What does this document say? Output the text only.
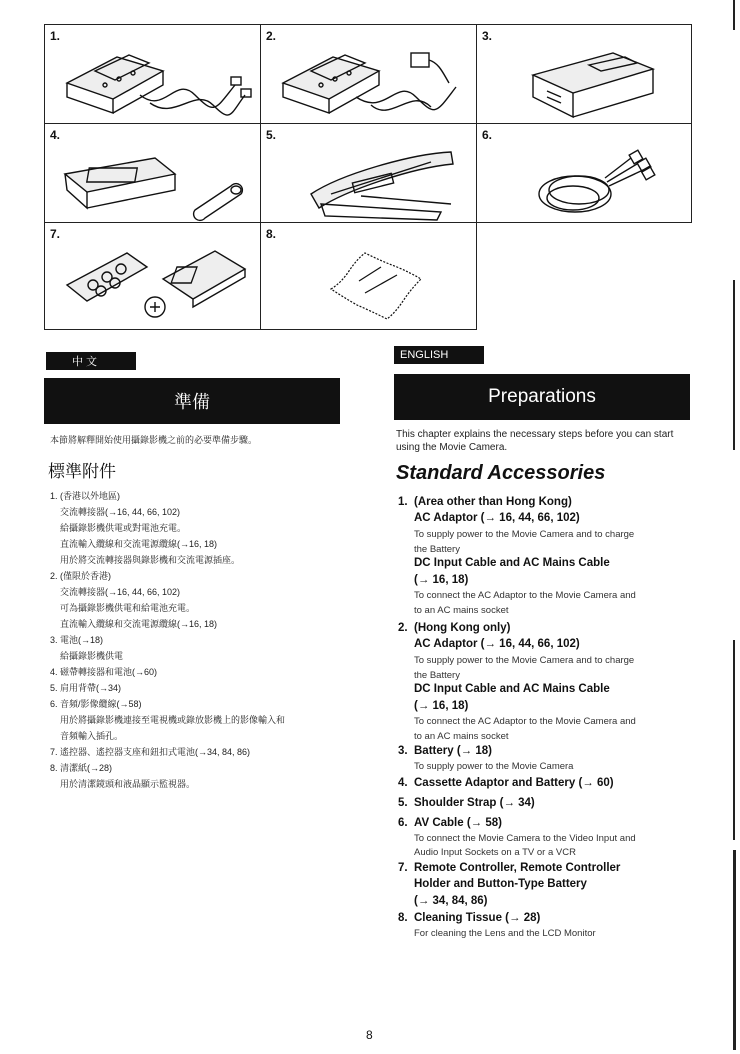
1.	2.	3.
4.	5.	6.
7.	8.
中 文
準備
本節將解釋開始使用攝錄影機之前的必要準備步驟。
標準附件
1. (香港以外地區)
交流轉接器(→16, 44, 66, 102)
給攝錄影機供電或對電池充電。
直流輸入纜線和交流電源纜線(→16, 18)
用於將交流轉接器與錄影機和交流電源插座。
2. (僅限於香港)
交流轉接器(→16, 44, 66, 102)
可為攝錄影機供電和給電池充電。
直流輸入纜線和交流電源纜線(→16, 18)
3. 電池(→18)
給攝錄影機供電
4. 磁帶轉接器和電池(→60)
5. 肩用背帶(→34)
6. 音頻/影像纜線(→58)
用於將攝錄影機連接至電視機或錄放影機上的影像輸入和
音頻輸入插孔。
7. 遙控器、遙控器支座和鈕扣式電池(→34, 84, 86)
8. 清潔紙(→28)
用於清潔鏡頭和液晶顯示監視器。
ENGLISH
Preparations
This chapter explains the necessary steps before you can start using the Movie Camera.
Standard Accessories
1. (Area other than Hong Kong)
AC Adaptor (→ 16, 44, 66, 102)
To supply power to the Movie Camera and to charge
the Battery
DC Input Cable and AC Mains Cable
(→ 16, 18)
To connect the AC Adaptor to the Movie Camera and
to an AC mains socket
2. (Hong Kong only)
AC Adaptor (→ 16, 44, 66, 102)
To supply power to the Movie Camera and to charge
the Battery
DC Input Cable and AC Mains Cable
(→ 16, 18)
To connect the AC Adaptor to the Movie Camera and
to an AC mains socket
3. Battery (→ 18)
To supply power to the Movie Camera
4. Cassette Adaptor and Battery (→ 60)
5. Shoulder Strap (→ 34)
6. AV Cable (→ 58)
To connect the Movie Camera to the Video Input and
Audio Input Sockets on a TV or a VCR
7. Remote Controller, Remote Controller
Holder and Button-Type Battery
(→ 34, 84, 86)
8. Cleaning Tissue (→ 28)
For cleaning the Lens and the LCD Monitor
8
